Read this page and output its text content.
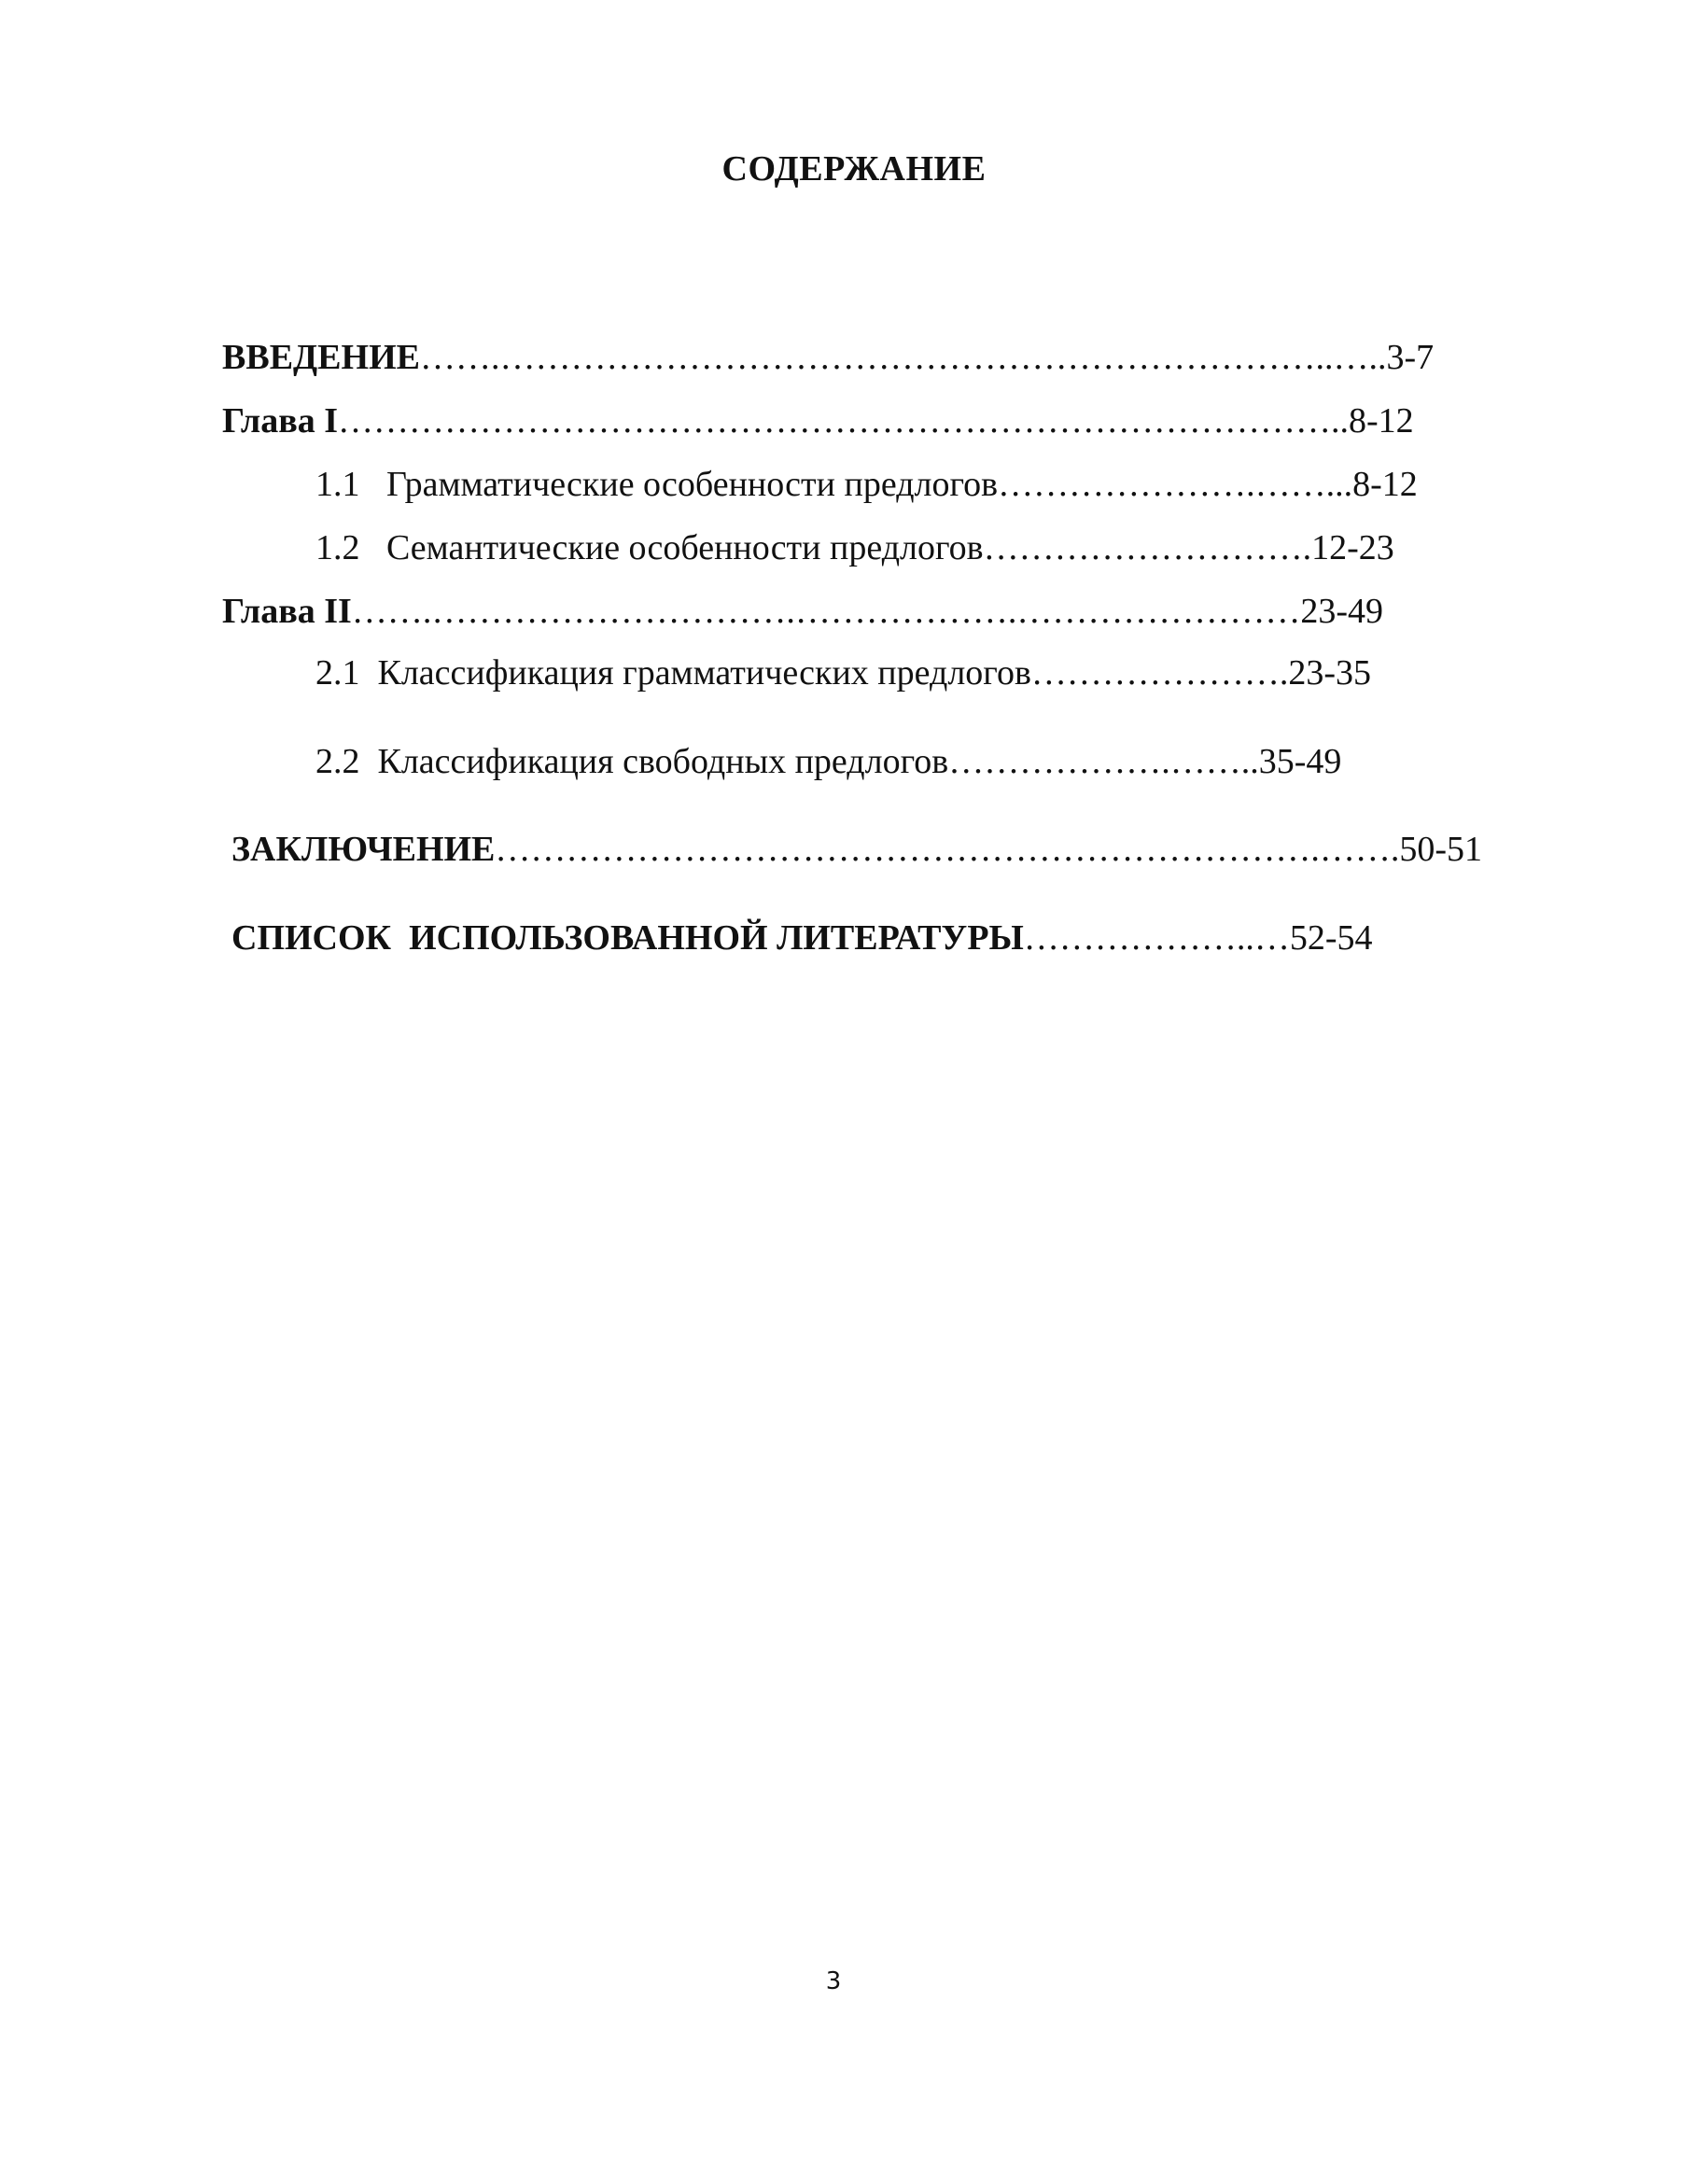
СОДЕРЖАНИЕ
ВВЕДЕНИЕ…….……………………………………………………………..…..3-7
Глава I…………………………………………………………………………..8-12
1.1   Грамматические особенности предлогов………………….……...8-12
1.2   Семантические особенности предлогов……………………….12-23
Глава II…….………………………….……………….……………………23-49
2.1  Классификация грамматических предлогов………………….23-35
2.2  Классификация свободных предлогов……………….……..35-49
ЗАКЛЮЧЕНИЕ…………………………………………………………….…….50-51
СПИСОК  ИСПОЛЬЗОВАННОЙ ЛИТЕРАТУРЫ………………..…52-54
3
